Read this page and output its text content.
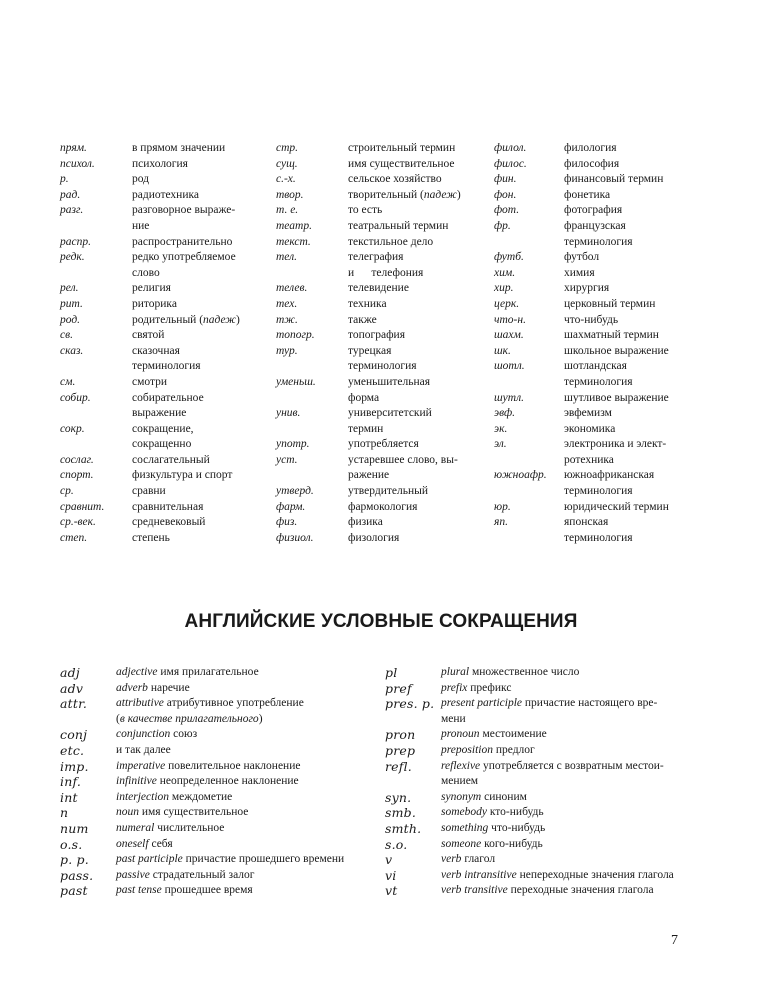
прям.	в прямом значении
психол.	психология
р.	род
рад.	радиотехника
разг.	разговорное выраже-
ние
распр.	распространительно
редк.	редко употребляемое
слово
рел.	религия
рит.	риторика
род.	родительный (падеж)
св.	святой
сказ.	сказочная
терминология
см.	смотри
собир.	собирательное
выражение
сокр.	сокращение,
сокращенно
сослаг.	сослагательный
спорт.	физкультура и спорт
ср.	сравни
сравнит.	сравнительная
ср.-век.	средневековый
степ.	степень
стр.	строительный термин
сущ.	имя существительное
с.-х.	сельское хозяйство
твор.	творительный (падеж)
т. е.	то есть
театр.	театральный термин
текст.	текстильное дело
тел.	телеграфия
и      телефония
телев.	телевидение
тех.	техника
тж.	также
топогр.	топография
тур.	турецкая
терминология
уменьш.	уменьшительная
форма
унив.	университетский
термин
употр.	употребляется
уст.	устаревшее слово, вы-
ражение
утверд.	утвердительный
фарм.	фармокология
физ.	физика
физиол.	физология
филол.	филология
филос.	философия
фин.	финансовый термин
фон.	фонетика
фот.	фотография
фр.	французская
терминология
футб.	футбол
хим.	химия
хир.	хирургия
церк.	церковный термин
что-н.	что-нибудь
шахм.	шахматный термин
шк.	школьное выражение
шотл.	шотландская
терминология
шутл.	шутливое выражение
эвф.	эвфемизм
эк.	экономика
эл.	электроника и элект-
ротехника
южноафр.	южноафриканская
терминология
юр.	юридический термин
яп.	японская
терминология
АНГЛИЙСКИЕ УСЛОВНЫЕ СОКРАЩЕНИЯ
adj	adjective имя прилагательное
adv	adverb наречие
attr.	attributive атрибутивное употребление
(в качестве прилагательного)
conj	conjunction союз
etc.	и так далее
imp.	imperative повелительное наклонение
inf.	infinitive неопределенное наклонение
int	interjection междометие
n	noun имя существительное
num	numeral числительное
o.s.	oneself себя
p. p.	past participle причастие прошедшего времени
pass.	passive страдательный залог
past	past tense прошедшее время
pl	plural множественное число
pref	prefix префикс
pres. p. present participle причастие настоящего вре-
мени
pron	pronoun местоимение
prep	preposition предлог
refl.	reflexive употребляется с возвратным местои-
мением
syn.	synonym синоним
smb.	somebody кто-нибудь
smth.	something что-нибудь
s.o.	someone кого-нибудь
v	verb глагол
vi	verb intransitive непереходные значения глагола
vt	verb transitive переходные значения глагола
7
